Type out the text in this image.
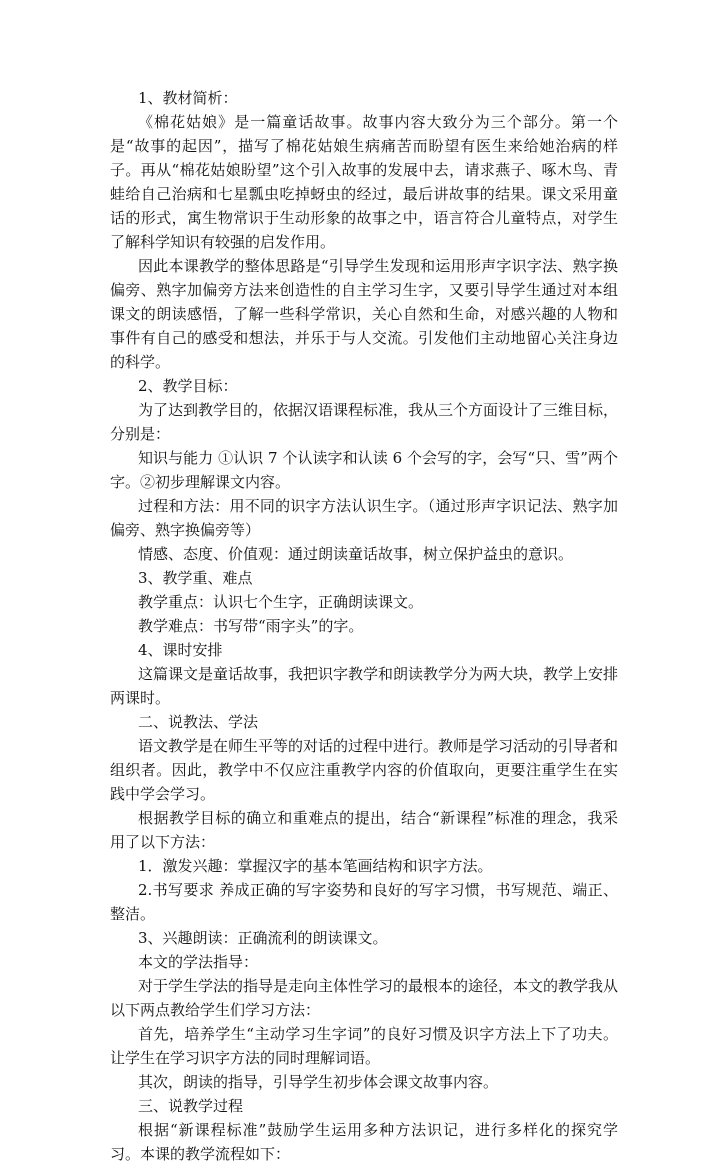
1、教材简析：

《棉花姑娘》是一篇童话故事。故事内容大致分为三个部分。第一个是“故事的起因”，描写了棉花姑娘生病痛苦而盼望有医生来给她治病的样子。再从“棉花姑娘盼望”这个引入故事的发展中去，请求燕子、啄木鸟、青蛙给自己治病和七星瓢虫吃掉蚜虫的经过，最后讲故事的结果。课文采用童话的形式，寓生物常识于生动形象的故事之中，语言符合儿童特点，对学生了解科学知识有较强的启发作用。

因此本课教学的整体思路是“引导学生发现和运用形声字识字法、熟字换偏旁、熟字加偏旁方法来创造性的自主学习生字，又要引导学生通过对本组课文的朗读感悟，了解一些科学常识，关心自然和生命，对感兴趣的人物和事件有自己的感受和想法，并乐于与人交流。引发他们主动地留心关注身边的科学。

2、教学目标：

为了达到教学目的，依据汉语课程标准，我从三个方面设计了三维目标，分别是：

知识与能力 ①认识 7 个认读字和认读 6 个会写的字，会写“只、雪”两个字。②初步理解课文内容。

过程和方法：用不同的识字方法认识生字。（通过形声字识记法、熟字加偏旁、熟字换偏旁等）

情感、态度、价值观：通过朗读童话故事，树立保护益虫的意识。

3、教学重、难点

教学重点：认识七个生字，正确朗读课文。

教学难点：书写带“雨字头”的字。

4、课时安排

这篇课文是童话故事，我把识字教学和朗读教学分为两大块，教学上安排两课时。

二、说教法、学法

语文教学是在师生平等的对话的过程中进行。教师是学习活动的引导者和组织者。因此，教学中不仅应注重教学内容的价值取向，更要注重学生在实践中学会学习。

根据教学目标的确立和重难点的提出，结合“新课程”标准的理念，我采用了以下方法：

1．激发兴趣：掌握汉字的基本笔画结构和识字方法。

2.书写要求 养成正确的写字姿势和良好的写字习惯，书写规范、端正、整洁。

3、兴趣朗读：正确流利的朗读课文。

本文的学法指导：

对于学生学法的指导是走向主体性学习的最根本的途径，本文的教学我从以下两点教给学生们学习方法：

首先，培养学生“主动学习生字词”的良好习惯及识字方法上下了功夫。让学生在学习识字方法的同时理解词语。

其次，朗读的指导，引导学生初步体会课文故事内容。

三、说教学过程

根据“新课程标准”鼓励学生运用多种方法识记，进行多样化的探究学习。本课的教学流程如下：
